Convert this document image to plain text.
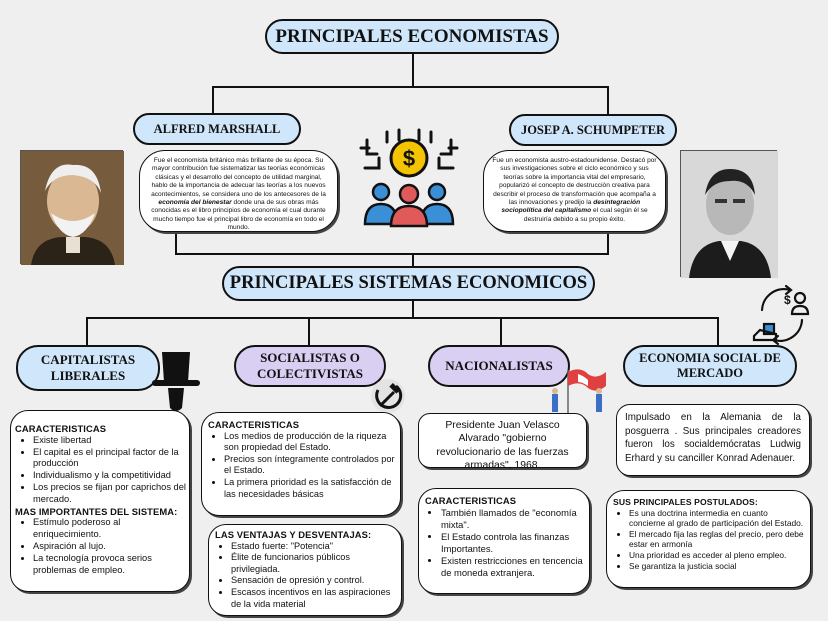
PRINCIPALES ECONOMISTAS
ALFRED MARSHALL	JOSEP A. SCHUMPETER
Fue el economista británico más brillante de su época. Su mayor contribución fue sistematizar las teorías económicas clásicas y el desarrollo del concepto de utilidad marginal, hablo de la importancia de adecuar las teorías a los nuevos acontecimientos, se considera uno de los antecesores de la economía del bienestar donde una de sus obras más conocidas es el libro principios de economía el cual durante mucho tiempo fue el principal libro de economía en todo el mundo.
Fue un economista austro-estadounidense. Destacó por sus investigaciones sobre el ciclo económico y sus teorías sobre la importancia vital del empresario, popularizó el concepto de destrucción creativa para describir el proceso de transformación que acompaña a las innovaciones y predijo la desintegración sociopolítica del capitalismo el cual según él se destruiría debido a su propio éxito.
$
PRINCIPALES SISTEMAS ECONOMICOS
$
CAPITALISTAS LIBERALES
SOCIALISTAS O COLECTIVISTAS
NACIONALISTAS	ECONOMIA SOCIAL DE MERCADO
CARACTERISTICAS
• Existe libertad
• El capital es el principal factor de la producción
• Individualismo y la competitividad
• Los precios se fijan por caprichos del mercado.
MAS IMPORTANTES DEL SISTEMA:
• Estímulo poderoso al enriquecimiento.
• Aspiración al lujo.
• La tecnología provoca serios problemas de empleo.
CARACTERISTICAS
• Los medios de producción de la riqueza son propiedad del Estado.
• Precios son íntegramente controlados por el Estado.
• La primera prioridad es la satisfacción de las necesidades básicas
LAS VENTAJAS Y DESVENTAJAS:
• Estado fuerte: "Potencia"
• Élite de funcionarios públicos privilegiada.
• Sensación de opresión y control.
• Escasos incentivos en las aspiraciones de la vida material
Presidente Juan Velasco Alvarado "gobierno revolucionario de las fuerzas armadas", 1968.
CARACTERISTICAS
• También llamados de "economía mixta".
• El Estado controla las finanzas Importantes.
• Existen restricciones en tencencia de moneda extranjera.
Impulsado en la Alemania de la posguerra . Sus principales creadores fueron los socialdemócratas Ludwig Erhard y su canciller Konrad Adenauer.
SUS PRINCIPALES POSTULADOS:
• Es una doctrina intermedia en cuanto concierne al grado de participación del Estado.
• El mercado fija las reglas del precio, pero debe estar en armonía
• Una prioridad es acceder al pleno empleo.
• Se garantiza la justicia social
